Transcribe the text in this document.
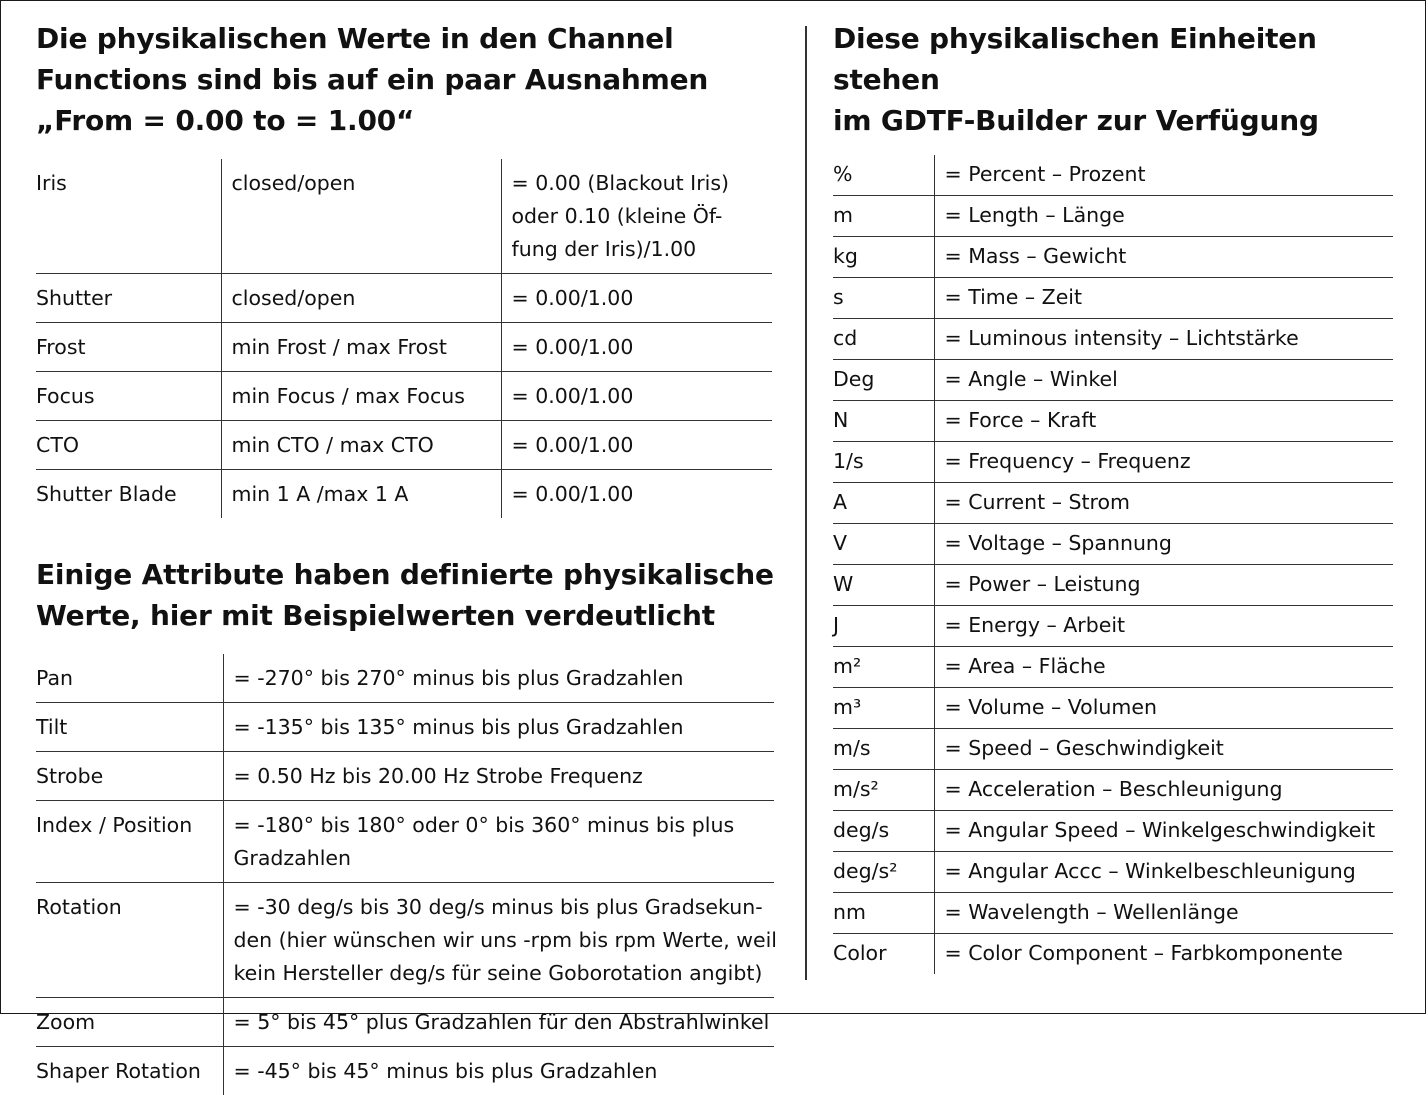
Die physikalischen Werte in den Channel
Functions sind bis auf ein paar Ausnahmen
„From = 0.00 to = 1.00“
Iris	closed/open	= 0.00 (Blackout Iris)
oder 0.10 (kleine Öf-
fung der Iris)/1.00

Shutter	closed/open	= 0.00/1.00

Frost	min Frost / max Frost	= 0.00/1.00

Focus	min Focus / max Focus	= 0.00/1.00

CTO	min CTO / max CTO	= 0.00/1.00

Shutter Blade	min 1 A /max 1 A	= 0.00/1.00
Einige Attribute haben definierte physikalische
Werte, hier mit Beispielwerten verdeutlicht
Pan	= -270° bis 270° minus bis plus Gradzahlen

Tilt	= -135° bis 135° minus bis plus Gradzahlen

Strobe	= 0.50 Hz bis 20.00 Hz Strobe Frequenz

Index / Position	= -180° bis 180° oder 0° bis 360° minus bis plus
Gradzahlen

Rotation	= -30 deg/s bis 30 deg/s minus bis plus Gradsekun-
den (hier wünschen wir uns -rpm bis rpm Werte, weil
kein Hersteller deg/s für seine Goborotation angibt)

Zoom	= 5° bis 45° plus Gradzahlen für den Abstrahlwinkel

Shaper Rotation	= -45° bis 45° minus bis plus Gradzahlen
Diese physikalischen Einheiten stehen
im GDTF-Builder zur Verfügung
%	= Percent – Prozent
m	= Length – Länge
kg	= Mass – Gewicht
s	= Time – Zeit
cd	= Luminous intensity – Lichtstärke
Deg	= Angle – Winkel
N	= Force – Kraft
1/s	= Frequency – Frequenz
A	= Current – Strom
V	= Voltage – Spannung
W	= Power – Leistung
J	= Energy – Arbeit
m²	= Area – Fläche
m³	= Volume – Volumen
m/s	= Speed – Geschwindigkeit
m/s²	= Acceleration – Beschleunigung
deg/s	= Angular Speed – Winkelgeschwindigkeit
deg/s²	= Angular Accc – Winkelbeschleunigung
nm	= Wavelength – Wellenlänge
Color	= Color Component – Farbkomponente
